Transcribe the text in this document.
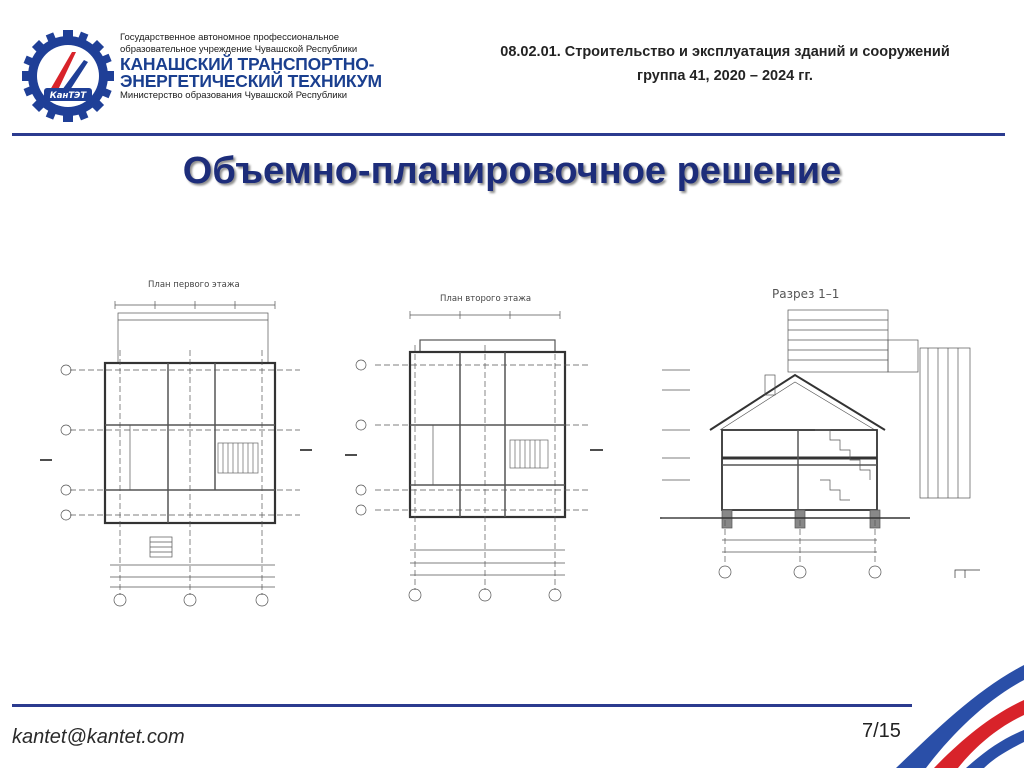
КанТЭТ
Государственное автономное профессиональное
образовательное учреждение Чувашской Республики
КАНАШСКИЙ ТРАНСПОРТНО-
ЭНЕРГЕТИЧЕСКИЙ ТЕХНИКУМ
Министерство образования Чувашской Республики
08.02.01. Строительство и эксплуатация зданий и сооружений
группа 41, 2020 – 2024 гг.
Объемно-планировочное решение
План первого этажа
План второго этажа	Разрез 1–1
kantet@kantet.com	7/15
